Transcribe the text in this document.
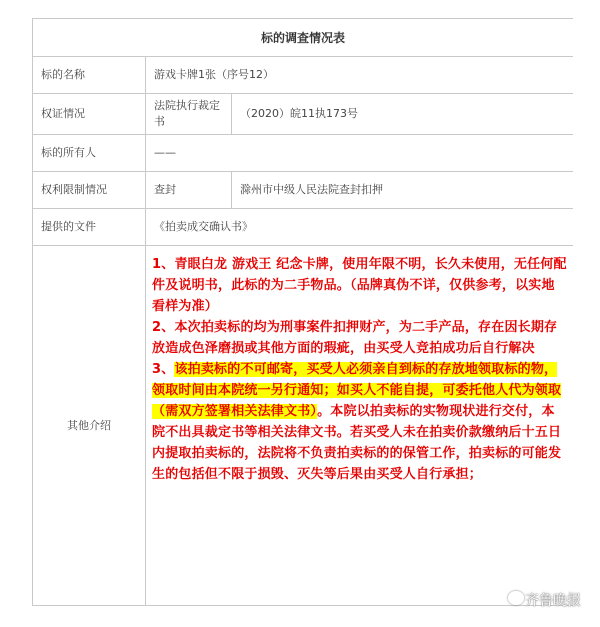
标的调查情况表		
标的名称	游戏卡牌1张（序号12）	
权证情况	法院执行裁定书	（2020）皖11执173号
标的所有人	——	
权利限制情况	查封	滁州市中级人民法院查封扣押
提供的文件	《拍卖成交确认书》	
其他介绍	1、青眼白龙 游戏王 纪念卡牌，使用年限不明，长久未使用，无任何配件及说明书，此标的为二手物品。（品牌真伪不详，仅供参考，以实地看样为准）

2、本次拍卖标的均为刑事案件扣押财产，为二手产品，存在因长期存放造成色泽磨损或其他方面的瑕疵，由买受人竞拍成功后自行解决

3、该拍卖标的不可邮寄，买受人必须亲自到标的存放地领取标的物，领取时间由本院统一另行通知；如买人不能自提，可委托他人代为领取（需双方签署相关法律文书）。本院以拍卖标的实物现状进行交付，本院不出具裁定书等相关法律文书。若买受人未在拍卖价款缴纳后十五日内提取拍卖标的，法院将不负责拍卖标的的保管工作，拍卖标的可能发生的包括但不限于损毁、灭失等后果由买受人自行承担；	

齐鲁晚报
